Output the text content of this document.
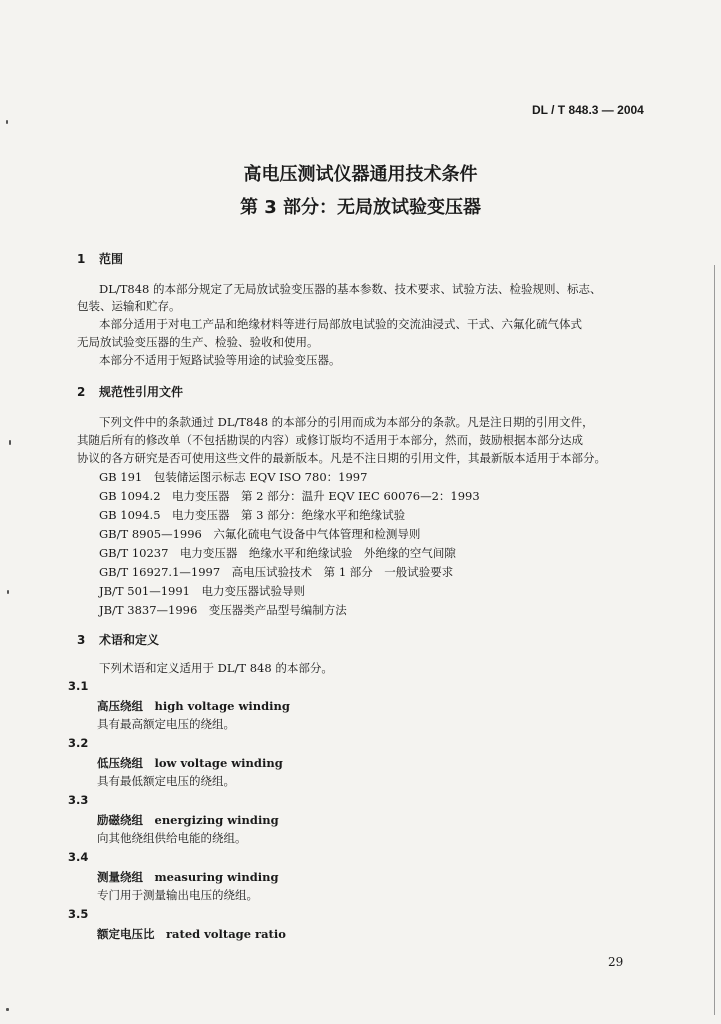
DL / T 848.3 — 2004
高电压测试仪器通用技术条件
第 3 部分：无局放试验变压器
1 范围
DL/T848 的本部分规定了无局放试验变压器的基本参数、技术要求、试验方法、检验规则、标志、
包装、运输和贮存。
本部分适用于对电工产品和绝缘材料等进行局部放电试验的交流油浸式、干式、六氟化硫气体式
无局放试验变压器的生产、检验、验收和使用。
本部分不适用于短路试验等用途的试验变压器。
2 规范性引用文件
下列文件中的条款通过 DL/T848 的本部分的引用而成为本部分的条款。凡是注日期的引用文件，
其随后所有的修改单（不包括勘误的内容）或修订版均不适用于本部分，然而，鼓励根据本部分达成
协议的各方研究是否可使用这些文件的最新版本。凡是不注日期的引用文件，其最新版本适用于本部分。
GB 191　包装储运图示标志 EQV ISO 780：1997
GB 1094.2　电力变压器　第 2 部分：温升 EQV IEC 60076—2：1993
GB 1094.5　电力变压器　第 3 部分：绝缘水平和绝缘试验
GB/T 8905—1996　六氟化硫电气设备中气体管理和检测导则
GB/T 10237　电力变压器　绝缘水平和绝缘试验　外绝缘的空气间隙
GB/T 16927.1—1997　高电压试验技术　第 1 部分　一般试验要求
JB/T 501—1991　电力变压器试验导则
JB/T 3837—1996　变压器类产品型号编制方法
3 术语和定义
下列术语和定义适用于 DL/T 848 的本部分。
3.1
高压绕组　high voltage winding
具有最高额定电压的绕组。
3.2
低压绕组　low voltage winding
具有最低额定电压的绕组。
3.3
励磁绕组　energizing winding
向其他绕组供给电能的绕组。
3.4
测量绕组　measuring winding
专门用于测量输出电压的绕组。
3.5
额定电压比　rated voltage ratio
29
